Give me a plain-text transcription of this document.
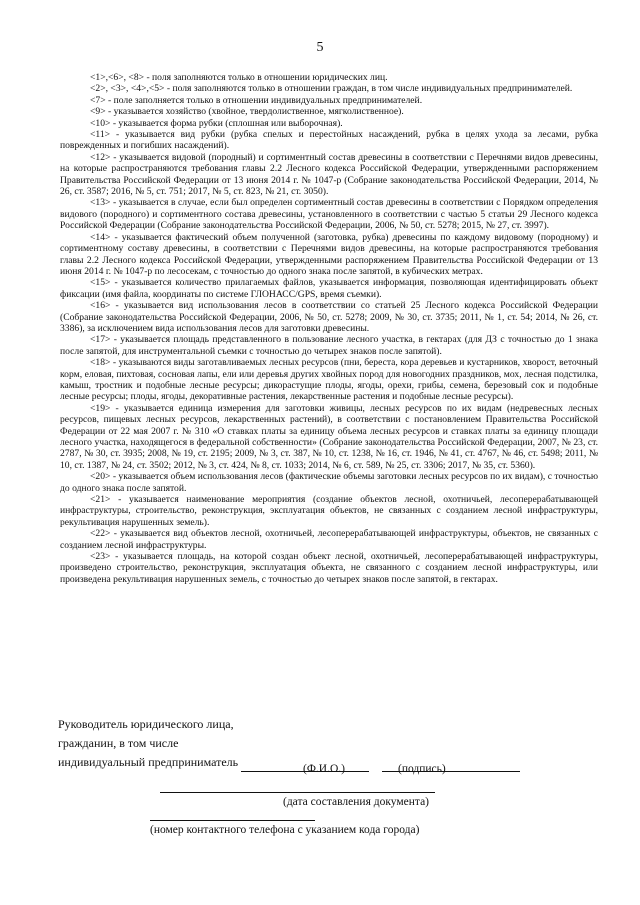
5

<1>,<6>, <8> - поля заполняются только в отношении юридических лиц.

<2>, <3>, <4>,<5> - поля заполняются только в отношении граждан, в том числе индивидуальных предпринимателей.

<7> - поле заполняется только в отношении индивидуальных предпринимателей.

<9> - указывается хозяйство (хвойное, твердолиственное, мягколиственное).

<10> - указывается форма рубки (сплошная или выборочная).

<11> - указывается вид рубки (рубка спелых и перестойных насаждений, рубка в целях ухода за лесами, рубка поврежденных и погибших насаждений).

<12> - указывается видовой (породный) и сортиментный состав древесины в соответствии с Перечнями видов древесины, на которые распространяются требования главы 2.2 Лесного кодекса Российской Федерации, утвержденными распоряжением Правительства Российской Федерации от 13 июня 2014 г. № 1047-р (Собрание законодательства Российской Федерации, 2014, № 26, ст. 3587; 2016, № 5, ст. 751; 2017, № 5, ст. 823, № 21, ст. 3050).

<13> - указывается в случае, если был определен сортиментный состав древесины в соответствии с Порядком определения видового (породного) и сортиментного состава древесины, установленного в соответствии с частью 5 статьи 29 Лесного кодекса Российской Федерации (Собрание законодательства Российской Федерации, 2006, № 50, ст. 5278; 2015, № 27, ст. 3997).

<14> - указывается фактический объем полученной (заготовка, рубка) древесины по каждому видовому (породному) и сортиментному составу древесины, в соответствии с Перечнями видов древесины, на которые распространяются требования главы 2.2 Лесного кодекса Российской Федерации, утвержденными распоряжением Правительства Российской Федерации от 13 июня 2014 г. № 1047-р по лесосекам, с точностью до одного знака после запятой, в кубических метрах.

<15> - указывается количество прилагаемых файлов, указывается информация, позволяющая идентифицировать объект фиксации (имя файла, координаты по системе ГЛОНАСС/GPS, время съемки).

<16> - указывается вид использования лесов в соответствии со статьей 25 Лесного кодекса Российской Федерации (Собрание законодательства Российской Федерации, 2006, № 50, ст. 5278; 2009, № 30, ст. 3735; 2011, № 1, ст. 54; 2014, № 26, ст. 3386), за исключением вида использования лесов для заготовки древесины.

<17> - указывается площадь представленного в пользование лесного участка, в гектарах (для ДЗ с точностью до 1 знака после запятой, для инструментальной съемки с точностью до четырех знаков после запятой).

<18> - указываются виды заготавливаемых лесных ресурсов (пни, береста, кора деревьев и кустарников, хворост, веточный корм, еловая, пихтовая, сосновая лапы, ели или деревья других хвойных пород для новогодних праздников, мох, лесная подстилка, камыш, тростник и подобные лесные ресурсы; дикорастущие плоды, ягоды, орехи, грибы, семена, березовый сок и подобные лесные ресурсы; плоды, ягоды, декоративные растения, лекарственные растения и подобные лесные ресурсы).

<19> - указывается единица измерения для заготовки живицы, лесных ресурсов по их видам (недревесных лесных ресурсов, пищевых лесных ресурсов, лекарственных растений), в соответствии с постановлением Правительства Российской Федерации от 22 мая 2007 г. № 310 «О ставках платы за единицу объема лесных ресурсов и ставках платы за единицу площади лесного участка, находящегося в федеральной собственности» (Собрание законодательства Российской Федерации, 2007, № 23, ст. 2787, № 30, ст. 3935; 2008, № 19, ст. 2195; 2009, № 3, ст. 387, № 10, ст. 1238, № 16, ст. 1946, № 41, ст. 4767, № 46, ст. 5498; 2011, № 10, ст. 1387, № 24, ст. 3502; 2012, № 3, ст. 424, № 8, ст. 1033; 2014, № 6, ст. 589, № 25, ст. 3306; 2017, № 35, ст. 5360).

<20> - указывается объем использования лесов (фактические объемы заготовки лесных ресурсов по их видам), с точностью до одного знака после запятой.

<21> - указывается наименование мероприятия (создание объектов лесной, охотничьей, лесоперерабатывающей инфраструктуры, строительство, реконструкция, эксплуатация объектов, не связанных с созданием лесной инфраструктуры, рекультивация нарушенных земель).

<22> - указывается вид объектов лесной, охотничьей, лесоперерабатывающей инфраструктуры, объектов, не связанных с созданием лесной инфраструктуры.

<23> - указывается площадь, на которой создан объект лесной, охотничьей, лесоперерабатывающей инфраструктуры, произведено строительство, реконструкция, эксплуатация объекта, не связанного с созданием лесной инфраструктуры, или произведена рекультивация нарушенных земель, с точностью до четырех знаков после запятой, в гектарах.

Руководитель юридического лица,
гражданин, в том числе
индивидуальный предприниматель	(Ф.И.О.)	(подпись)
(дата составления документа)
(номер контактного телефона с указанием кода города)
